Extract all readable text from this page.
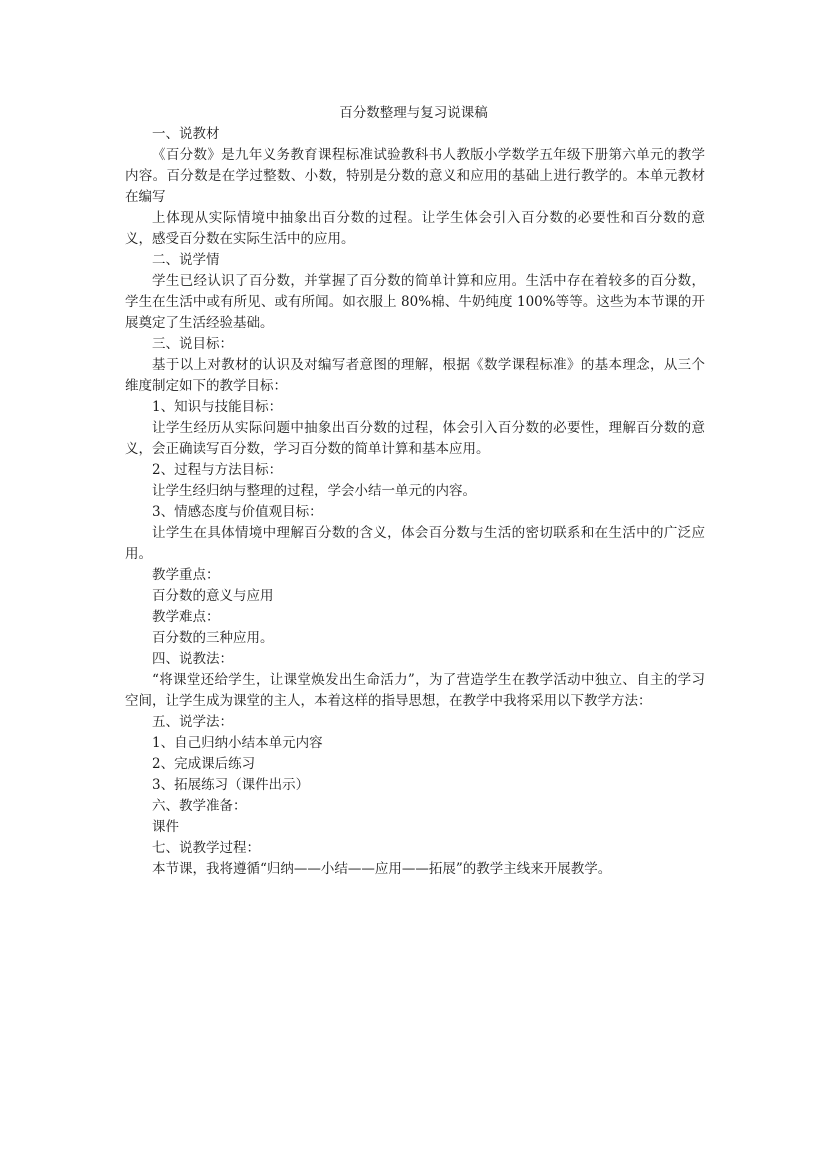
百分数整理与复习说课稿

一、说教材

《百分数》是九年义务教育课程标准试验教科书人教版小学数学五年级下册第六单元的教学内容。百分数是在学过整数、小数，特别是分数的意义和应用的基础上进行教学的。本单元教材在编写

上体现从实际情境中抽象出百分数的过程。让学生体会引入百分数的必要性和百分数的意义，感受百分数在实际生活中的应用。

二、说学情

学生已经认识了百分数，并掌握了百分数的简单计算和应用。生活中存在着较多的百分数，学生在生活中或有所见、或有所闻。如衣服上 80%棉、牛奶纯度 100%等等。这些为本节课的开展奠定了生活经验基础。

三、说目标：

基于以上对教材的认识及对编写者意图的理解，根据《数学课程标准》的基本理念，从三个维度制定如下的教学目标：

1、知识与技能目标：

让学生经历从实际问题中抽象出百分数的过程，体会引入百分数的必要性，理解百分数的意义，会正确读写百分数，学习百分数的简单计算和基本应用。

2、过程与方法目标：

让学生经归纳与整理的过程，学会小结一单元的内容。

3、情感态度与价值观目标：

让学生在具体情境中理解百分数的含义，体会百分数与生活的密切联系和在生活中的广泛应用。

教学重点：

百分数的意义与应用

教学难点：

百分数的三种应用。

四、说教法：

“将课堂还给学生，让课堂焕发出生命活力”，为了营造学生在教学活动中独立、自主的学习空间，让学生成为课堂的主人，本着这样的指导思想，在教学中我将采用以下教学方法：

五、说学法：

1、自己归纳小结本单元内容

2、完成课后练习

3、拓展练习（课件出示）

六、教学准备：

课件

七、说教学过程：

本节课，我将遵循“归纳——小结——应用——拓展”的教学主线来开展教学。
